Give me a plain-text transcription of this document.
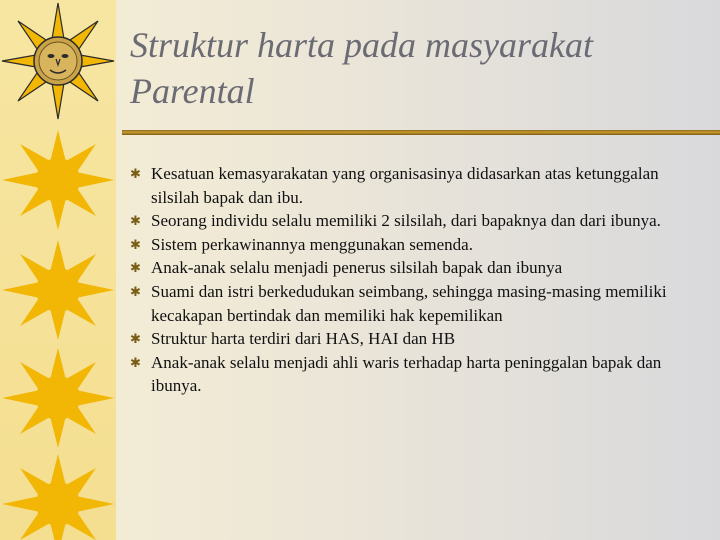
Struktur harta pada masyarakat Parental
✱ Kesatuan kemasyarakatan yang organisasinya didasarkan atas ketunggalan silsilah bapak dan ibu.
✱ Seorang individu selalu memiliki 2 silsilah, dari bapaknya dan dari ibunya.
✱ Sistem perkawinannya menggunakan semenda.
✱ Anak-anak selalu menjadi penerus silsilah bapak dan ibunya
✱ Suami dan istri berkedudukan seimbang, sehingga masing-masing memiliki kecakapan bertindak dan memiliki hak kepemilikan
✱ Struktur harta terdiri dari HAS, HAI dan HB
✱ Anak-anak selalu menjadi ahli waris terhadap harta peninggalan bapak dan ibunya.
